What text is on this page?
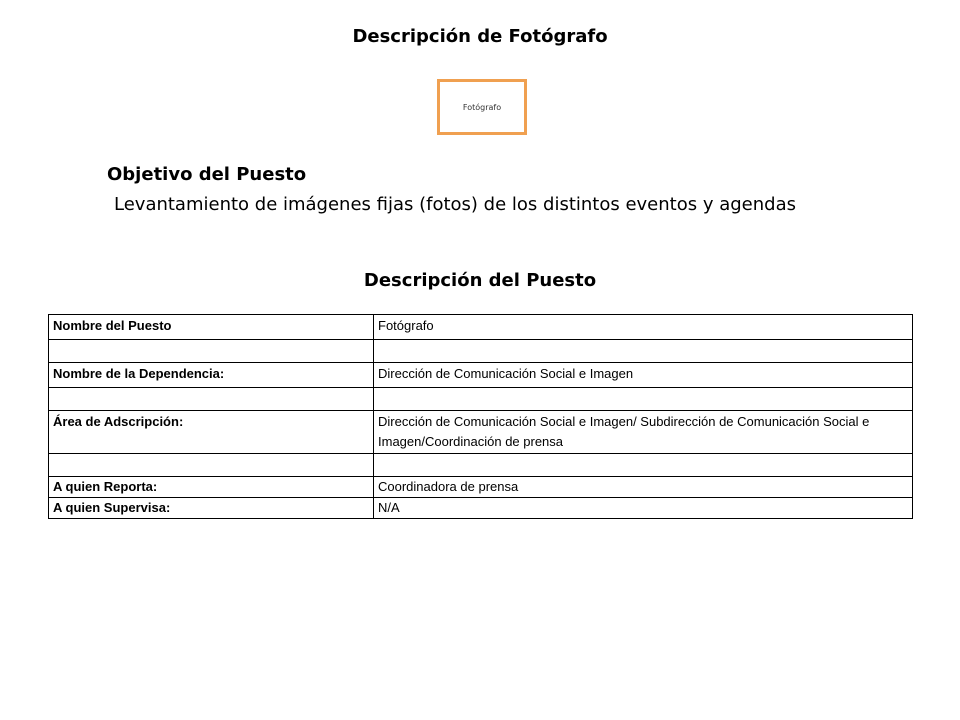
Descripción de Fotógrafo
Fotógrafo
Objetivo del Puesto
Levantamiento de imágenes fijas (fotos) de los distintos eventos y agendas
Descripción del Puesto
Nombre del Puesto	Fotógrafo

Nombre de la Dependencia:	Dirección de Comunicación Social e Imagen

Área de Adscripción:	Dirección de Comunicación Social e Imagen/ Subdirección de Comunicación Social e Imagen/Coordinación de prensa

A quien Reporta:	Coordinadora de prensa
A quien Supervisa:	N/A
